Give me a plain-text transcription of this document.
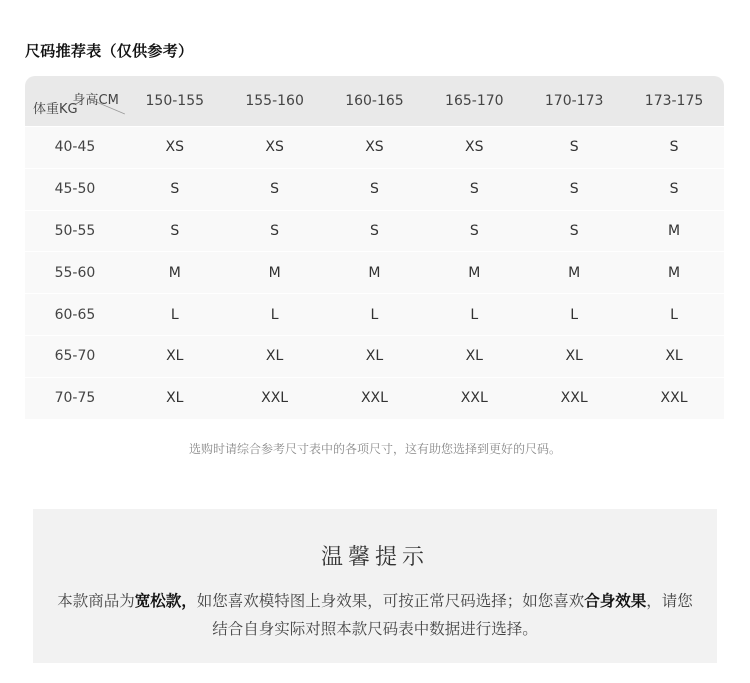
尺码推荐表（仅供参考）
身高CM
体重KG	150-155	155-160	160-165	165-170	170-173	173-175
40-45	XS	XS	XS	XS	S	S
45-50	S	S	S	S	S	S
50-55	S	S	S	S	S	M
55-60	M	M	M	M	M	M
60-65	L	L	L	L	L	L
65-70	XL	XL	XL	XL	XL	XL
70-75	XL	XXL	XXL	XXL	XXL	XXL
选购时请综合参考尺寸表中的各项尺寸，这有助您选择到更好的尺码。
温馨提示
本款商品为宽松款，如您喜欢模特图上身效果，可按正常尺码选择；如您喜欢合身效果，请您结合自身实际对照本款尺码表中数据进行选择。
